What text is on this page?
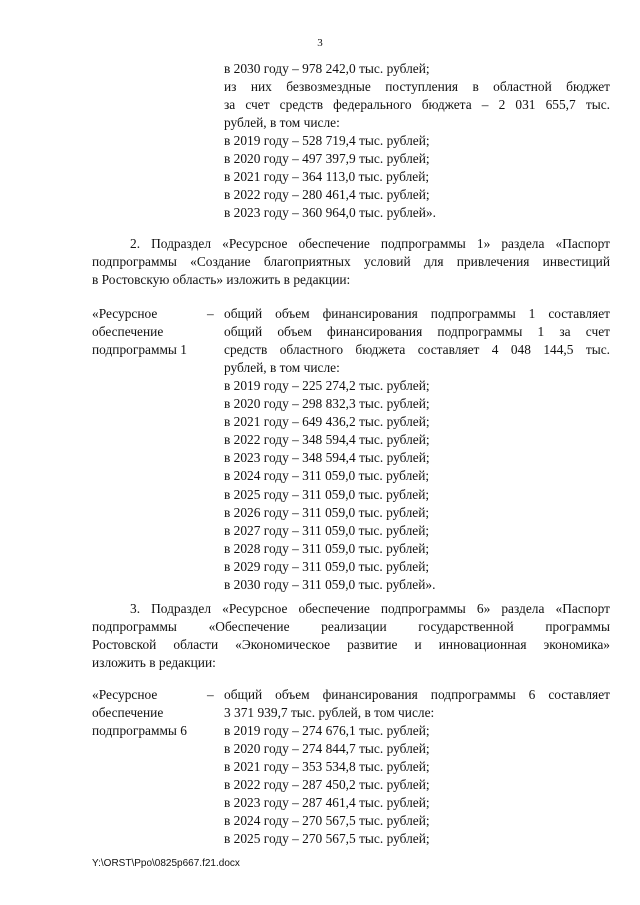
3
в 2030 году – 978 242,0 тыс. рублей;
из них безвозмездные поступления в областной бюджет
за счет средств федерального бюджета – 2 031 655,7 тыс.
рублей, в том числе:
в 2019 году – 528 719,4 тыс. рублей;
в 2020 году – 497 397,9 тыс. рублей;
в 2021 году – 364 113,0 тыс. рублей;
в 2022 году – 280 461,4 тыс. рублей;
в 2023 году – 360 964,0 тыс. рублей».
2. Подраздел «Ресурсное обеспечение подпрограммы 1» раздела «Паспорт
подпрограммы «Создание благоприятных условий для привлечения инвестиций
в Ростовскую область» изложить в редакции:
«Ресурсное
обеспечение
подпрограммы 1
– общий объем финансирования подпрограммы 1 составляет
общий объем финансирования подпрограммы 1 за счет
средств областного бюджета составляет 4 048 144,5 тыс.
рублей, в том числе:
в 2019 году – 225 274,2 тыс. рублей;
в 2020 году – 298 832,3 тыс. рублей;
в 2021 году – 649 436,2 тыс. рублей;
в 2022 году – 348 594,4 тыс. рублей;
в 2023 году – 348 594,4 тыс. рублей;
в 2024 году – 311 059,0 тыс. рублей;
в 2025 году – 311 059,0 тыс. рублей;
в 2026 году – 311 059,0 тыс. рублей;
в 2027 году – 311 059,0 тыс. рублей;
в 2028 году – 311 059,0 тыс. рублей;
в 2029 году – 311 059,0 тыс. рублей;
в 2030 году – 311 059,0 тыс. рублей».
3. Подраздел «Ресурсное обеспечение подпрограммы 6» раздела «Паспорт
подпрограммы «Обеспечение реализации государственной программы
Ростовской области «Экономическое развитие и инновационная экономика»
изложить в редакции:
«Ресурсное
обеспечение
подпрограммы 6
– общий объем финансирования подпрограммы 6 составляет
3 371 939,7 тыс. рублей, в том числе:
в 2019 году – 274 676,1 тыс. рублей;
в 2020 году – 274 844,7 тыс. рублей;
в 2021 году – 353 534,8 тыс. рублей;
в 2022 году – 287 450,2 тыс. рублей;
в 2023 году – 287 461,4 тыс. рублей;
в 2024 году – 270 567,5 тыс. рублей;
в 2025 году – 270 567,5 тыс. рублей;
Y:\ORST\Ppo\0825p667.f21.docx
